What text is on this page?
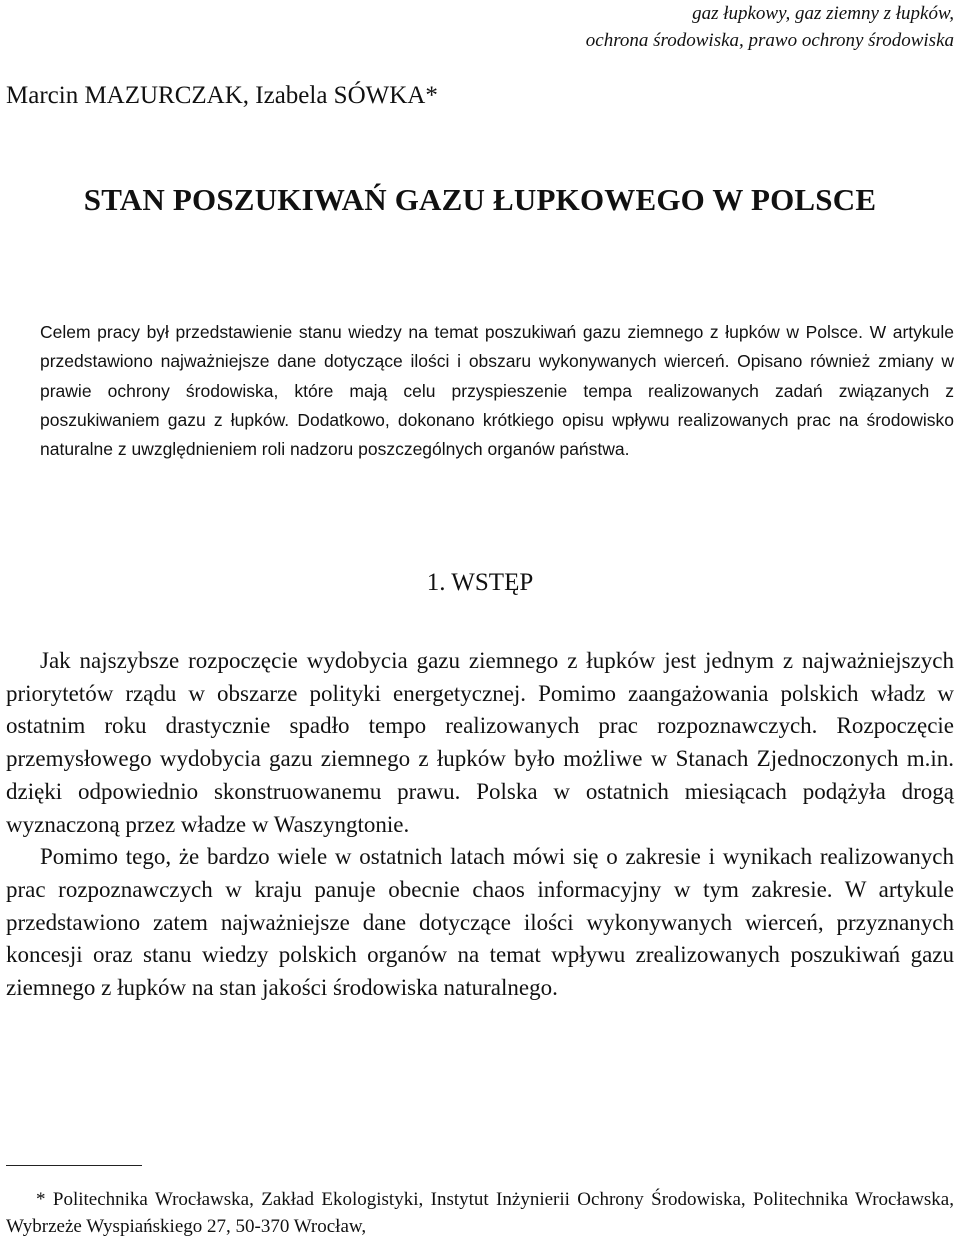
gaz łupkowy, gaz ziemny z łupków,
ochrona środowiska, prawo ochrony środowiska
Marcin MAZURCZAK, Izabela SÓWKA*
STAN POSZUKIWAŃ GAZU ŁUPKOWEGO W POLSCE

Celem pracy był przedstawienie stanu wiedzy na temat poszukiwań gazu ziemnego z łupków w Polsce. W artykule przedstawiono najważniejsze dane dotyczące ilości i obszaru wykonywanych wierceń. Opisano również zmiany w prawie ochrony środowiska, które mają celu przyspieszenie tempa realizowanych zadań związanych z poszukiwaniem gazu z łupków. Dodatkowo, dokonano krótkiego opisu wpływu realizowanych prac na środowisko naturalne z uwzględnieniem roli nadzoru poszczególnych organów państwa.

1. WSTĘP

Jak najszybsze rozpoczęcie wydobycia gazu ziemnego z łupków jest jednym z najważniejszych priorytetów rządu w obszarze polityki energetycznej. Pomimo zaangażowania polskich władz w ostatnim roku drastycznie spadło tempo realizowanych prac rozpoznawczych. Rozpoczęcie przemysłowego wydobycia gazu ziemnego z łupków było możliwe w Stanach Zjednoczonych m.in. dzięki odpowiednio skonstruowanemu prawu. Polska w ostatnich miesiącach podążyła drogą wyznaczoną przez władze w Waszyngtonie.

Pomimo tego, że bardzo wiele w ostatnich latach mówi się o zakresie i wynikach realizowanych prac rozpoznawczych w kraju panuje obecnie chaos informacyjny w tym zakresie. W artykule przedstawiono zatem najważniejsze dane dotyczące ilości wykonywanych wierceń, przyznanych koncesji oraz stanu wiedzy polskich organów na temat wpływu zrealizowanych poszukiwań gazu ziemnego z łupków na stan jakości środowiska naturalnego.

* Politechnika Wrocławska, Zakład Ekologistyki, Instytut Inżynierii Ochrony Środowiska, Politechnika Wrocławska, Wybrzeże Wyspiańskiego 27, 50-370 Wrocław,
